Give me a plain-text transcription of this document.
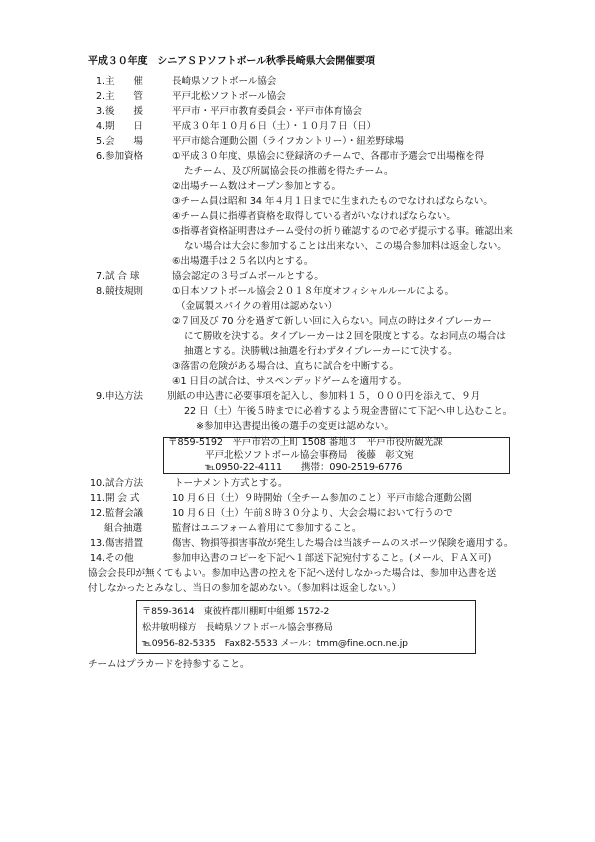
平成３０年度　シニアＳＰソフトボール秋季長崎県大会開催要項
1.主　　催	長崎県ソフトボール協会
2.主　　管	平戸北松ソフトボール協会
3.後　　援	平戸市・平戸市教育委員会・平戸市体育協会
4.期　　日	平成３０年１０月６日（土）・１０月７日（日）
5.会　　場	平戸市総合運動公園（ライフカントリー）・紐差野球場
6.参加資格	①平成３０年度、県協会に登録済のチームで、各郡市予選会で出場権を得
たチーム、及び所属協会長の推薦を得たチーム。
②出場チーム数はオープン参加とする。
③チーム員は昭和 34 年４月１日までに生まれたものでなければならない。
④チーム員に指導者資格を取得している者がいなければならない。
⑤指導者資格証明書はチーム受付の折り確認するので必ず提示する事。確認出来
ない場合は大会に参加することは出来ない、この場合参加料は返金しない。
⑥出場選手は２５名以内とする。
7.試 合 球	協会認定の３号ゴムボールとする。
8.競技規則	①日本ソフトボール協会２０１８年度オフィシャルルールによる。
（金属製スパイクの着用は認めない）
②７回及び 70 分を過ぎて新しい回に入らない。同点の時はタイブレーカー
にて勝敗を決する。タイブレーカーは２回を限度とする。なお同点の場合は
抽選とする。決勝戦は抽選を行わずタイブレーカーにて決する。
③落雷の危険がある場合は、直ちに試合を中断する。
④1 日目の試合は、サスペンデッドゲームを適用する。
9.申込方法	別紙の申込書に必要事項を記入し、参加料１５，０００円を添えて、９月
22 日（土）午後５時までに必着するよう現金書留にて下記へ申し込むこと。
※参加申込書提出後の選手の変更は認めない。
〒859-5192　平戸市岩の上町 1508 番地３　平戸市役所観光課
平戸北松ソフトボール協会事務局　後藤　彰文宛
℡0950-22-4111　　携帯：090-2519-6776
10.試合方法	トーナメント方式とする。
11.開 会 式	10 月６日（土）９時開始（全チーム参加のこと）平戸市総合運動公園
12.監督会議	10 月６日（土）午前８時３０分より、大会会場において行うので
組合抽選	監督はユニフォーム着用にて参加すること。
13.傷害措置	傷害、物損等損害事故が発生した場合は当該チームのスポーツ保険を適用する。
14.その他	参加申込書のコピーを下記へ１部送下記宛付すること。(メール、ＦＡＸ可)
協会会長印が無くてもよい。参加申込書の控えを下記へ送付しなかった場合は、参加申込書を送
付しなかったとみなし、当日の参加を認めない。（参加料は返金しない。）
〒859-3614　東彼杵郡川棚町中組郷 1572-2
松井敏明様方　長崎県ソフトボール協会事務局
℡0956-82-5335　Fax82-5533 メール：tmm@fine.ocn.ne.jp
チームはプラカードを持参すること。
